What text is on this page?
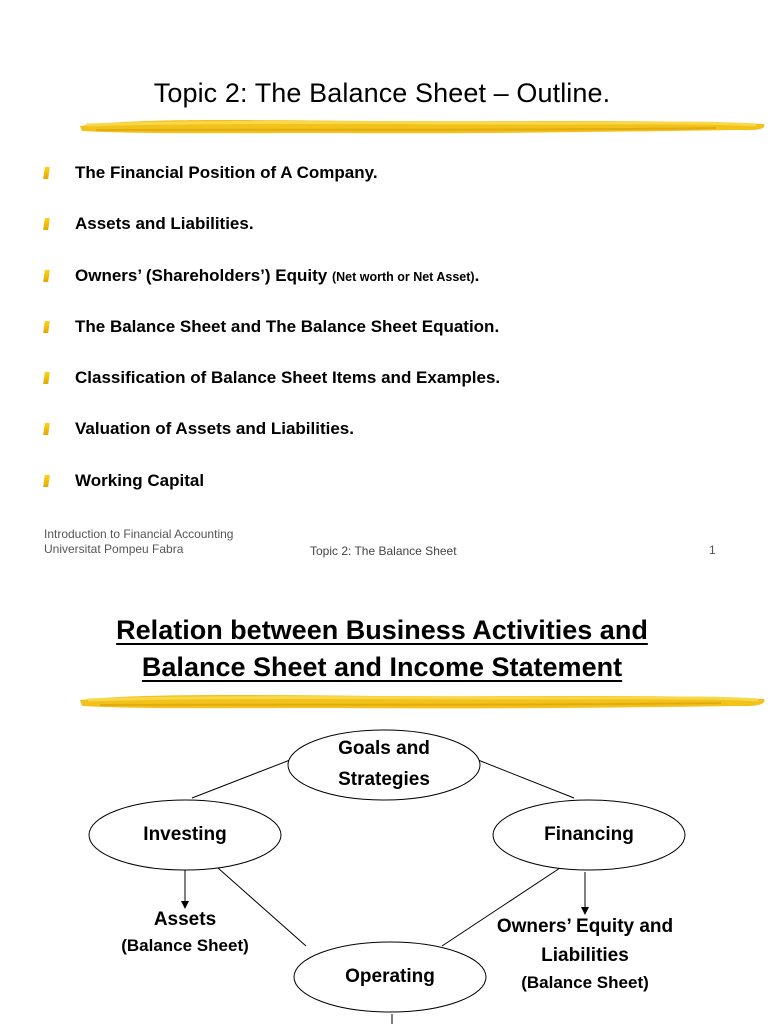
Topic 2: The Balance Sheet – Outline.
The Financial Position of A Company.
Assets and Liabilities.
Owners’ (Shareholders’) Equity (Net worth or Net Asset).
The Balance Sheet and The Balance Sheet Equation.
Classification of Balance Sheet Items and Examples.
Valuation of Assets and Liabilities.
Working Capital
Introduction to Financial Accounting
Universitat Pompeu Fabra	Topic 2: The Balance Sheet	1
Relation between Business Activities and
Balance Sheet and Income Statement
Goals and
Strategies
Investing	Financing
Operating
Assets
(Balance Sheet)
Owners’ Equity and
Liabilities
(Balance Sheet)
